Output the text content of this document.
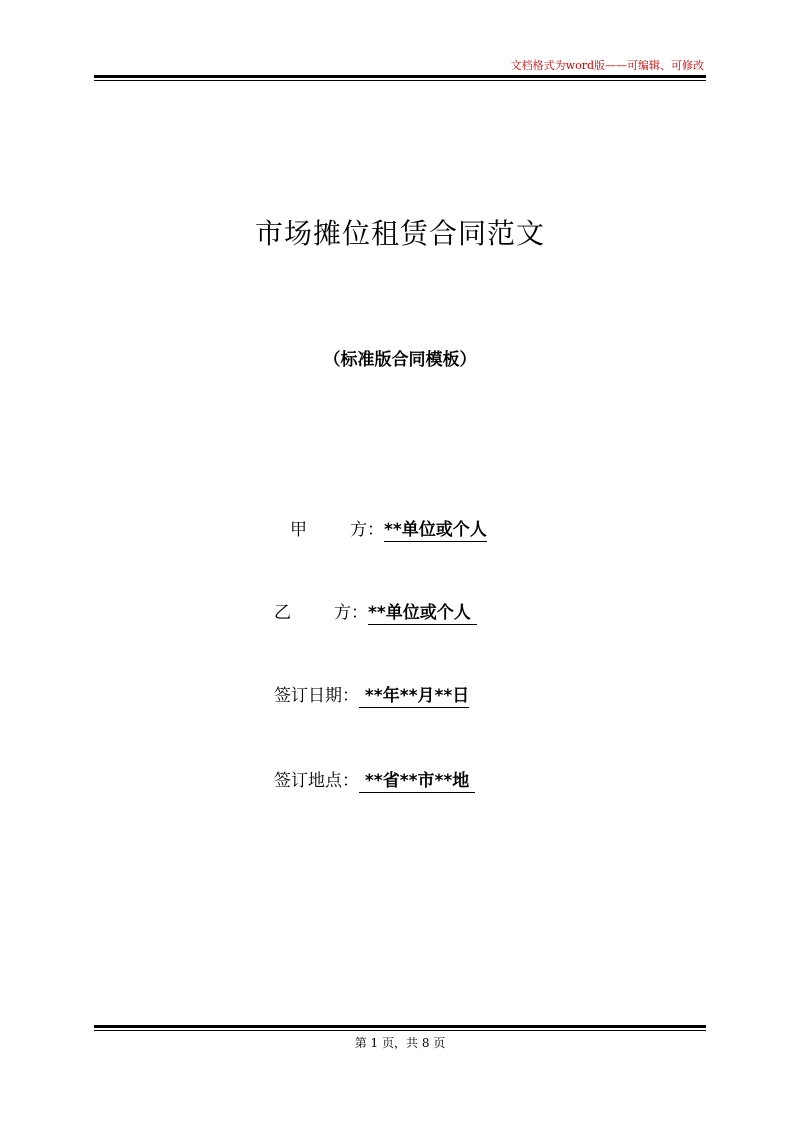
文档格式为word版——可编辑、可修改
市场摊位租赁合同范文
（标准版合同模板）
甲	方：**单位或个人
乙	方：**单位或个人
签订日期： **年**月**日
签订地点： **省**市**地
第 1 页，共 8 页
